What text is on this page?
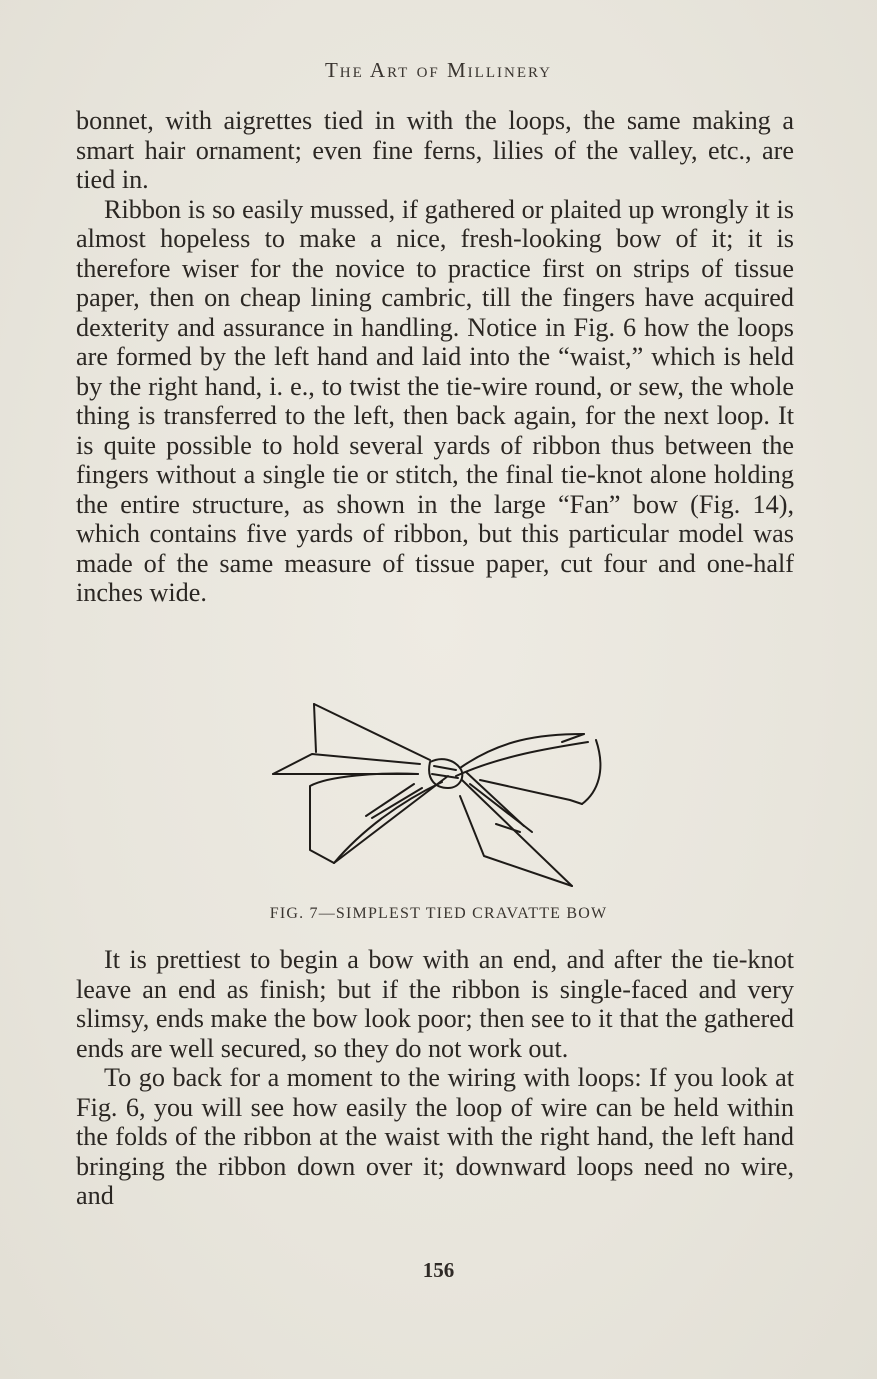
The Art of Millinery

bonnet, with aigrettes tied in with the loops, the same making a smart hair ornament; even fine ferns, lilies of the valley, etc., are tied in.

Ribbon is so easily mussed, if gathered or plaited up wrongly it is almost hopeless to make a nice, fresh-looking bow of it; it is therefore wiser for the novice to practice first on strips of tissue paper, then on cheap lining cambric, till the fingers have acquired dexterity and assurance in handling. Notice in Fig. 6 how the loops are formed by the left hand and laid into the “waist,” which is held by the right hand, i. e., to twist the tie-wire round, or sew, the whole thing is transferred to the left, then back again, for the next loop. It is quite possible to hold several yards of ribbon thus between the fingers without a single tie or stitch, the final tie-knot alone holding the entire structure, as shown in the large “Fan” bow (Fig. 14), which contains five yards of ribbon, but this particular model was made of the same measure of tissue paper, cut four and one-half inches wide.

FIG. 7—SIMPLEST TIED CRAVATTE BOW

It is prettiest to begin a bow with an end, and after the tie-knot leave an end as finish; but if the ribbon is single-faced and very slimsy, ends make the bow look poor; then see to it that the gathered ends are well secured, so they do not work out.

To go back for a moment to the wiring with loops: If you look at Fig. 6, you will see how easily the loop of wire can be held within the folds of the ribbon at the waist with the right hand, the left hand bringing the ribbon down over it; downward loops need no wire, and

156
